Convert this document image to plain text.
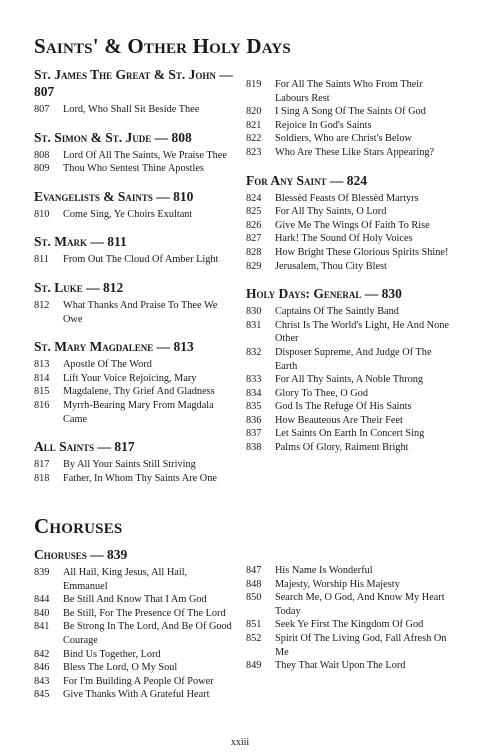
Saints' & Other Holy Days
St. James The Great & St. John — 807
807	Lord, Who Shall Sit Beside Thee
St. Simon & St. Jude — 808
808	Lord Of All The Saints, We Praise Thee
809	Thou Who Sentest Thine Apostles
Evangelists & Saints — 810
810	Come Sing, Ye Choirs Exultant
St. Mark — 811
811	From Out The Cloud Of Amber Light
St. Luke — 812
812	What Thanks And Praise To Thee We Owe
St. Mary Magdalene — 813
813	Apostle Of The Word
814	Lift Your Voice Rejoicing, Mary
815	Magdalene, Thy Grief And Gladness
816	Myrrh-Bearing Mary From Magdala Came
All Saints — 817
817	By All Your Saints Still Striving
818	Father, In Whom Thy Saints Are One
819	For All The Saints Who From Their Labours Rest
820	I Sing A Song Of The Saints Of God
821	Rejoice In God's Saints
822	Soldiers, Who are Christ's Below
823	Who Are These Like Stars Appearing?
For Any Saint — 824
824	Blessèd Feasts Of Blessèd Martyrs
825	For All Thy Saints, O Lord
826	Give Me The Wings Of Faith To Rise
827	Hark! The Sound Of Holy Voices
828	How Bright These Glorious Spirits Shine!
829	Jerusalem, Thou City Blest
Holy Days: General — 830
830	Captains Of The Saintly Band
831	Christ Is The World's Light, He And None Other
832	Disposer Supreme, And Judge Of The Earth
833	For All Thy Saints, A Noble Throng
834	Glory To Thee, O God
835	God Is The Refuge Of His Saints
836	How Beauteous Are Their Feet
837	Let Saints On Earth In Concert Sing
838	Palms Of Glory, Raiment Bright
Choruses
Choruses — 839
839	All Hail, King Jesus, All Hail, Emmanuel
844	Be Still And Know That I Am God
840	Be Still, For The Presence Of The Lord
841	Be Strong In The Lord, And Be Of Good Courage
842	Bind Us Together, Lord
846	Bless The Lord, O My Soul
843	For I'm Building A People Of Power
845	Give Thanks With A Grateful Heart
847	His Name Is Wonderful
848	Majesty, Worship His Majesty
850	Search Me, O God, And Know My Heart Today
851	Seek Ye First The Kingdom Of God
852	Spirit Of The Living God, Fall Afresh On Me
849	They That Wait Upon The Lord
xxiii
